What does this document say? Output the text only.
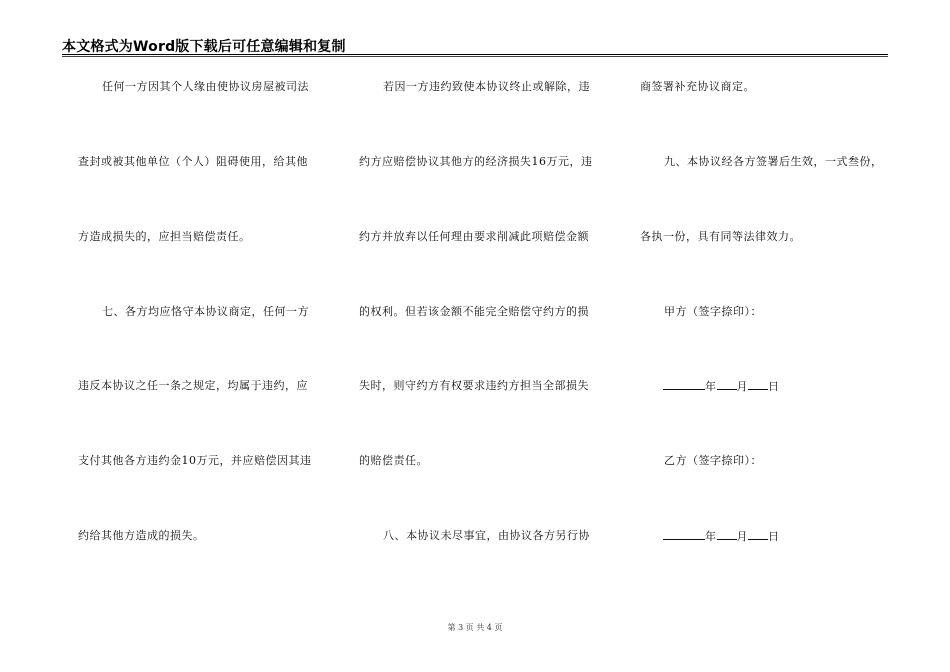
本文格式为Word版下载后可任意编辑和复制
任何一方因其个人缘由使协议房屋被司法
查封或被其他单位（个人）阻碍使用，给其他
方造成损失的，应担当赔偿责任。
七、各方均应恪守本协议商定，任何一方
违反本协议之任一条之规定，均属于违约，应
支付其他各方违约金10万元，并应赔偿因其违
约给其他方造成的损失。
若因一方违约致使本协议终止或解除，违
约方应赔偿协议其他方的经济损失16万元，违
约方并放弃以任何理由要求削减此项赔偿金额
的权利。但若该金额不能完全赔偿守约方的损
失时，则守约方有权要求违约方担当全部损失
的赔偿责任。
八、本协议未尽事宜，由协议各方另行协
商签署补充协议商定。
九、本协议经各方签署后生效，一式叁份，
各执一份，具有同等法律效力。
甲方（签字捺印）：
年 月 日
乙方（签字捺印）：
年 月 日
第 3 页 共 4 页
